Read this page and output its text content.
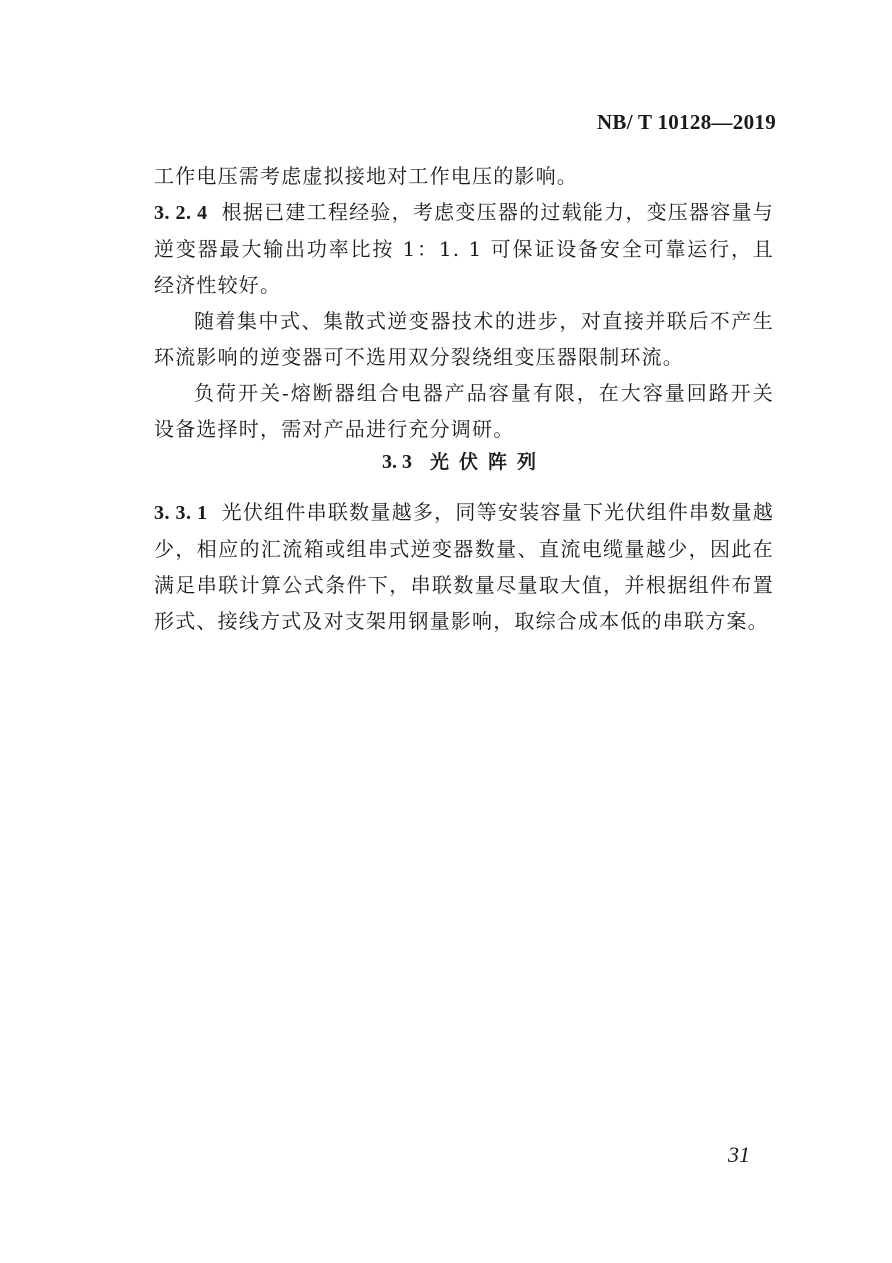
NB/ T 10128—2019

工作电压需考虑虚拟接地对工作电压的影响。

3. 2. 4 根据已建工程经验，考虑变压器的过载能力，变压器容量与逆变器最大输出功率比按 1：1. 1 可保证设备安全可靠运行，且经济性较好。

随着集中式、集散式逆变器技术的进步，对直接并联后不产生环流影响的逆变器可不选用双分裂绕组变压器限制环流。

负荷开关-熔断器组合电器产品容量有限，在大容量回路开关设备选择时，需对产品进行充分调研。

3. 3 光伏阵列

3. 3. 1 光伏组件串联数量越多，同等安装容量下光伏组件串数量越少，相应的汇流箱或组串式逆变器数量、直流电缆量越少，因此在满足串联计算公式条件下，串联数量尽量取大值，并根据组件布置形式、接线方式及对支架用钢量影响，取综合成本低的串联方案。

31
